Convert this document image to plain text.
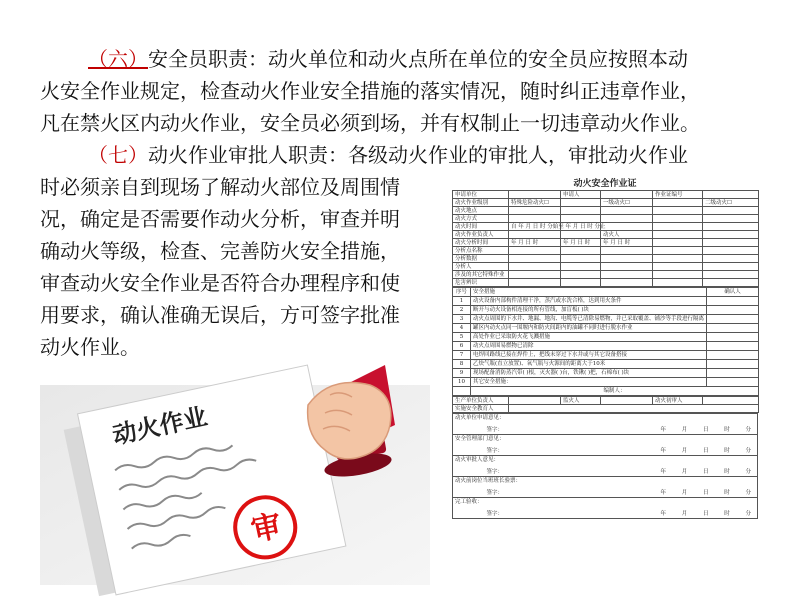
（六）安全员职责：动火单位和动火点所在单位的安全员应按照本动
火安全作业规定，检查动火作业安全措施的落实情况，随时纠正违章作业，
凡在禁火区内动火作业，安全员必须到场，并有权制止一切违章动火作业。
（七）动火作业审批人职责：各级动火作业的审批人，审批动火作业
时必须亲自到现场了解动火部位及周围情
况，确定是否需要作动火分析，审查并明
确动火等级，检查、完善防火安全措施，
审查动火安全作业是否符合办理程序和使
用要求，确认准确无误后，方可签字批准
动火作业。
动火作业
审
动火安全作业证
申请单位		申请人		作业证编号	
动火作业级别	特殊危险动火☐		一级动火☐		二级动火☐
动火地点					
动火方式					
动火时间	自 年 月 日 时 分始至 年 月 日 时 分止				
动火作业负责人			动火人		
动火分析时间	年 月 日 时	年 月 日 时	年 月 日 时		
分析点名称					
分析数据					
分析人					
涉及的其它特殊作业					
危害辨识					
序号	安全措施	确认人
1	动火设备内部构件清理干净，蒸汽或水洗合格，达到用火条件	
2	断开与动火设备相连接的所有管线，加盲板( )块	
3	动火点周围的下水井、地漏、地沟、电缆等已清除易燃物，并已采取覆盖、铺沙等手段进行隔离	
4	罐区内动火点同一围堰内和防火间距内的油罐不同时进行脱水作业	
5	高处作业已采取防火花飞溅措施	
6	动火点周围易燃物已清除	
7	电焊回路线已接在焊件上，把线未穿过下水井或与其它设备搭接	
8	乙炔气瓶(直立放置)、氧气瓶与火源间的距离大于10米	
9	现场配备消防蒸汽带( )根，灭火器( )台，铁锹( )把，石棉布( )块	
10	其它安全措施：	
	编制人：	
生产单位负责人		监火人		动火初审人	
实施安全教育人					
动火单位申请意见：
签字：	年 月 日 时 分

安全管理部门意见：
签字：	年 月 日 时 分

动火审批人意见：
签字：	年 月 日 时 分

动火前岗位当班班长验票：
签字：	年 月 日 时 分

完工验收：
签字：	年 月 日 时 分
